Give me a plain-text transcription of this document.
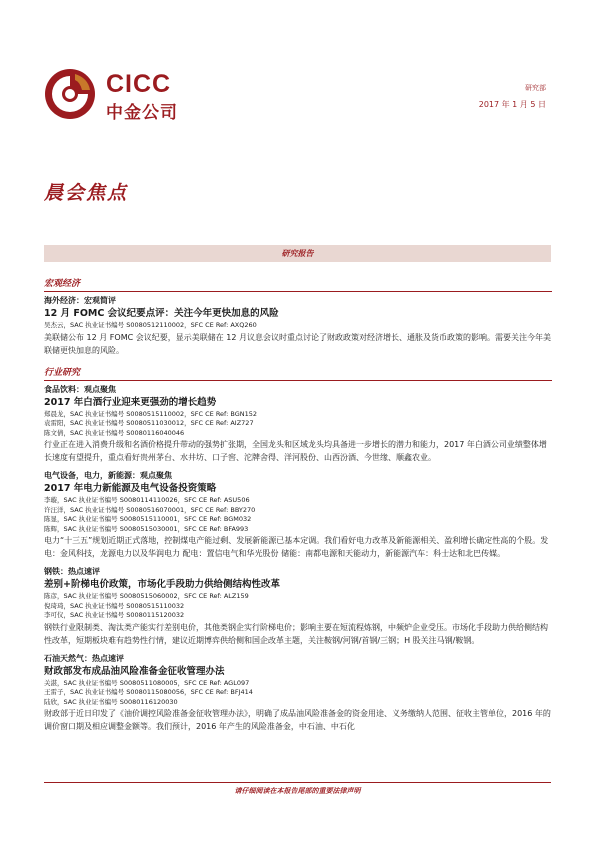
CICC
中金公司
研究部
2017 年 1 月 5 日
晨会焦点
研究报告
宏观经济
海外经济：宏观简评
12 月 FOMC 会议纪要点评：关注今年更快加息的风险
吴杰云，SAC 执业证书编号 S0080512110002，SFC CE Ref: AXQ260
美联储公布 12 月 FOMC 会议纪要，显示美联储在 12 月议息会议时重点讨论了财政政策对经济增长、通胀及货币政策的影响。需要关注今年美联储更快加息的风险。
行业研究
食品饮料：观点聚焦
2017 年白酒行业迎来更强劲的增长趋势
郑晨龙，SAC 执业证书编号 S0080515110002，SFC CE Ref: BGN152
袁雷阳，SAC 执业证书编号 S0080511030012，SFC CE Ref: AIZ727
陈文倩，SAC 执业证书编号 S0080116040046
行业正在进入消费升级和名酒价格提升带动的强势扩张期，全国龙头和区域龙头均具备进一步增长的潜力和能力，2017 年白酒公司业绩整体增长速度有望提升，重点看好贵州茅台、水井坊、口子窖、沱牌舍得、洋河股份、山西汾酒、今世缘、顺鑫农业。
电气设备，电力，新能源：观点聚焦
2017 年电力新能源及电气设备投资策略
李璇，SAC 执业证书编号 S0080114110026，SFC CE Ref: ASU506
许汪洋，SAC 执业证书编号 S0080516070001，SFC CE Ref: BBY270
陈显，SAC 执业证书编号 S0080515110001，SFC CE Ref: BGM032
陈辉，SAC 执业证书编号 S0080515030001，SFC CE Ref: BFA993
电力“十三五”规划近期正式落地，控制煤电产能过剩、发展新能源已基本定调。我们看好电力改革及新能源相关、盈利增长确定性高的个股。发电：金风科技，龙源电力以及华润电力 配电：置信电气和华光股份 储能：南都电源和天能动力，新能源汽车：科士达和北巴传媒。
钢铁：热点速评
差别+阶梯电价政策，市场化手段助力供给侧结构性改革
陈彦，SAC 执业证书编号 S0080515060002，SFC CE Ref: ALZ159
倪琦琦，SAC 执业证书编号 S0080515110032
李可仪，SAC 执业证书编号 S0080115120032
钢铁行业限制类、淘汰类产能实行差别电价，其他类钢企实行阶梯电价；影响主要在短流程炼钢，中频炉企业受压。市场化手段助力供给侧结构性改革，短期板块难有趋势性行情，建议近期博弈供给侧和国企改革主题，关注鞍钢/河钢/首钢/三钢；H 股关注马钢/鞍钢。
石油天然气：热点速评
财政部发布成品油风险准备金征收管理办法
关湛，SAC 执业证书编号 S0080511080005，SFC CE Ref: AGL097
王雷子，SAC 执业证书编号 S0080115080056，SFC CE Ref: BFJ414
陆欣，SAC 执业证书编号 S0080116120030
财政部于近日印发了《油价调控风险准备金征收管理办法》，明确了成品油风险准备金的资金用途、义务缴纳人范围、征收主管单位，2016 年的调价窗口期及相应调整金额等。我们预计，2016 年产生的风险准备金，中石油、中石化
请仔细阅读在本报告尾部的重要法律声明
